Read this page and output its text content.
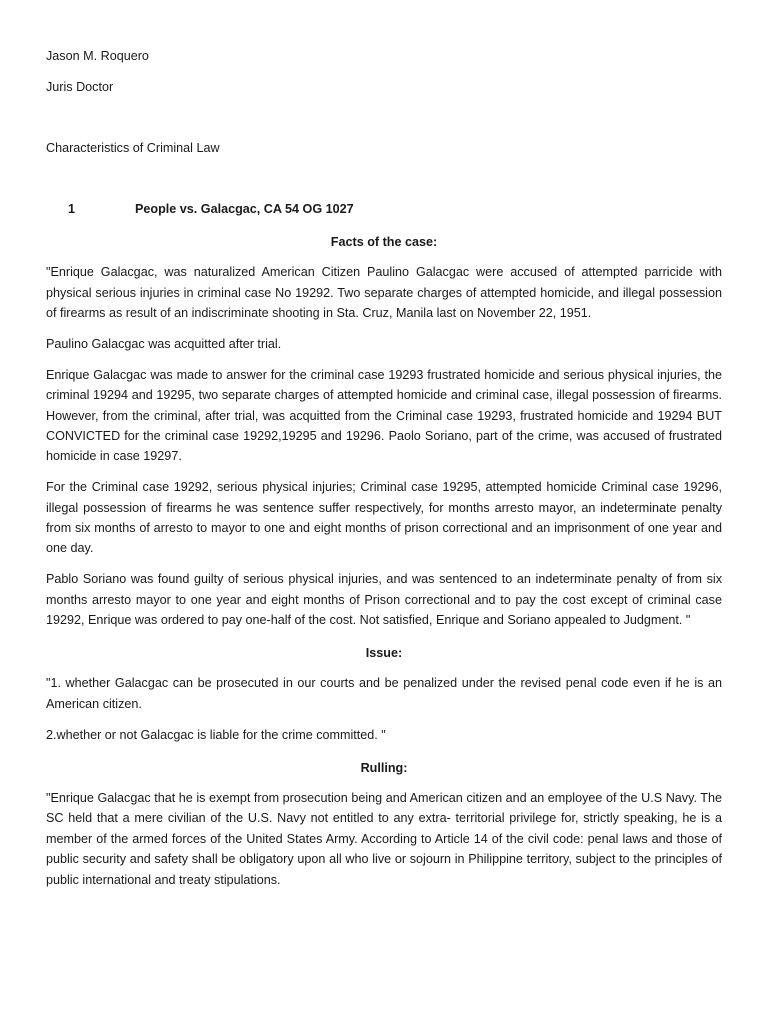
Jason M. Roquero

Juris Doctor

Characteristics of Criminal Law

1	People vs. Galacgac, CA 54 OG 1027

Facts of the case:

"Enrique Galacgac, was naturalized American Citizen Paulino Galacgac were accused of attempted parricide with physical serious injuries in criminal case No 19292. Two separate charges of attempted homicide, and illegal possession of firearms as result of an indiscriminate shooting in Sta. Cruz, Manila last on November 22, 1951.

Paulino Galacgac was acquitted after trial.

Enrique Galacgac was made to answer for the criminal case 19293 frustrated homicide and serious physical injuries, the criminal 19294 and 19295, two separate charges of attempted homicide and criminal case, illegal possession of firearms. However, from the criminal, after trial, was acquitted from the Criminal case 19293, frustrated homicide and 19294 BUT CONVICTED for the criminal case 19292,19295 and 19296. Paolo Soriano, part of the crime, was accused of frustrated homicide in case 19297.

For the Criminal case 19292, serious physical injuries; Criminal case 19295, attempted homicide Criminal case 19296, illegal possession of firearms he was sentence suffer respectively, for months arresto mayor, an indeterminate penalty from six months of arresto to mayor to one and eight months of prison correctional and an imprisonment of one year and one day.

Pablo Soriano was found guilty of serious physical injuries, and was sentenced to an indeterminate penalty of from six months arresto mayor to one year and eight months of Prison correctional and to pay the cost except of criminal case 19292, Enrique was ordered to pay one-half of the cost. Not satisfied, Enrique and Soriano appealed to Judgment. "

Issue:

"1. whether Galacgac can be prosecuted in our courts and be penalized under the revised penal code even if he is an American citizen.

2.whether or not Galacgac is liable for the crime committed. "

Rulling:

"Enrique Galacgac that he is exempt from prosecution being and American citizen and an employee of the U.S Navy. The SC held that a mere civilian of the U.S. Navy not entitled to any extra- territorial privilege for, strictly speaking, he is a member of the armed forces of the United States Army. According to Article 14 of the civil code: penal laws and those of public security and safety shall be obligatory upon all who live or sojourn in Philippine territory, subject to the principles of public international and treaty stipulations.
